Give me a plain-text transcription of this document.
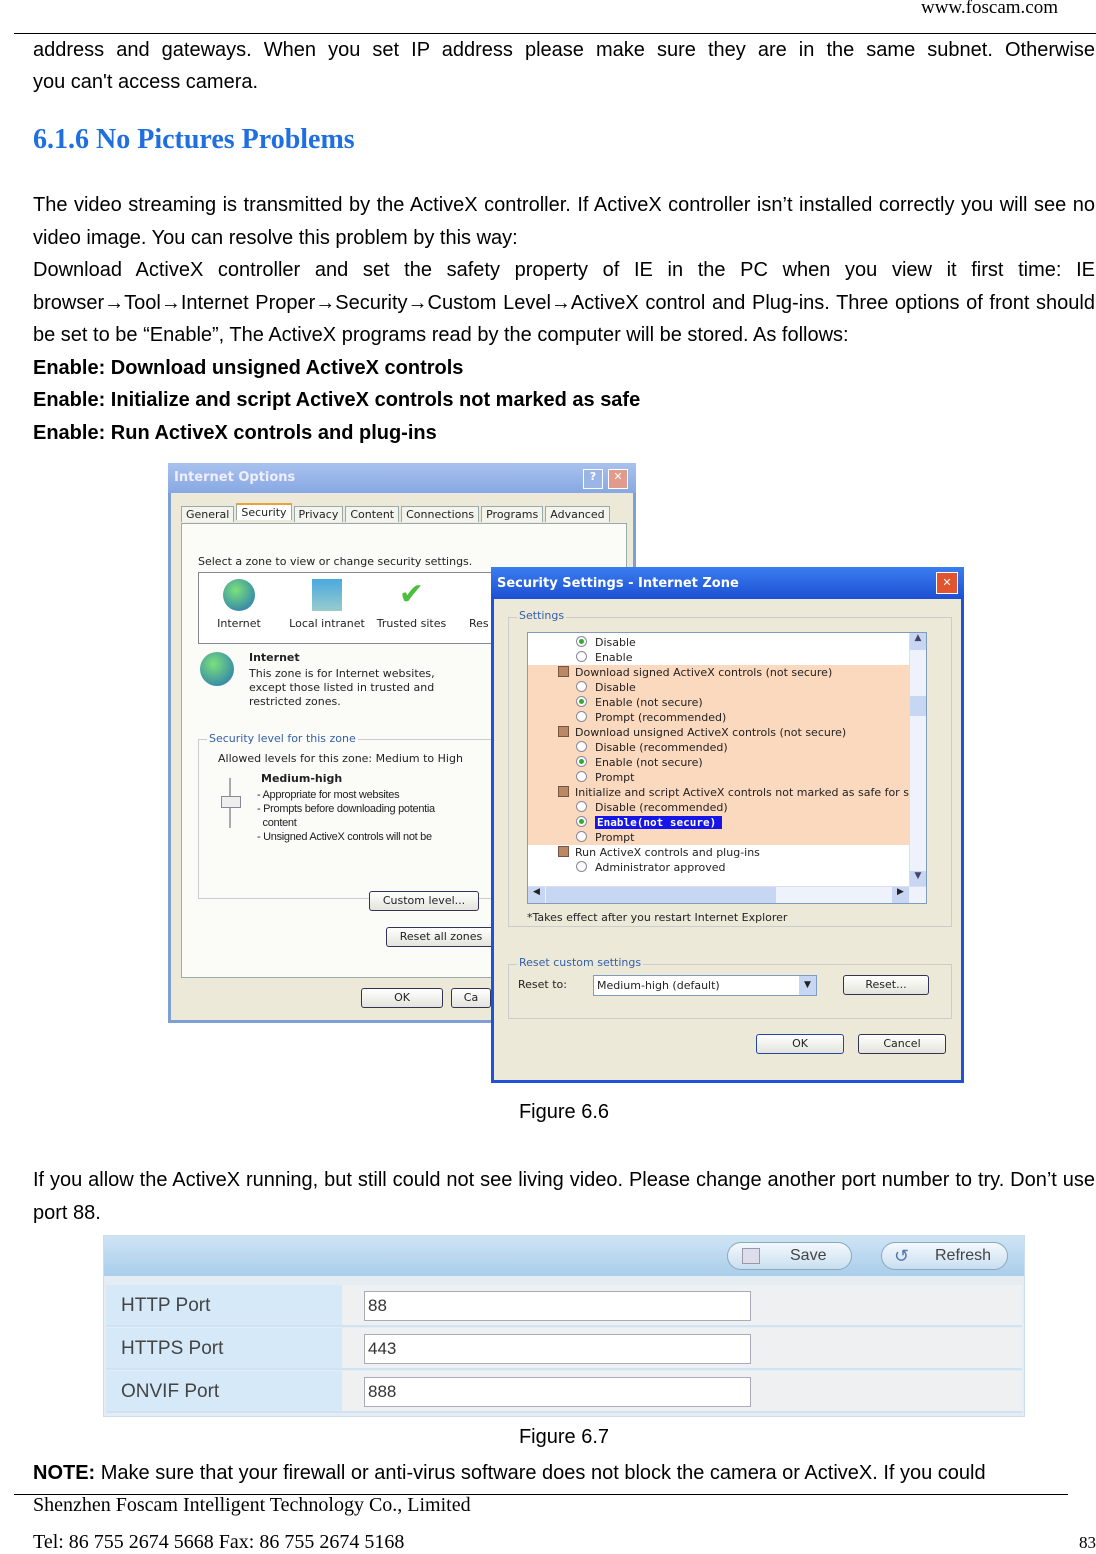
www.foscam.com
address and gateways. When you set IP address please make sure they are in the same subnet. Otherwise
you can't access camera.
6.1.6 No Pictures Problems
The video streaming is transmitted by the ActiveX controller. If ActiveX controller isn’t installed correctly you will see no video image. You can resolve this problem by this way:
Download ActiveX controller and set the safety property of IE in the PC when you view it first time: IE browser→Tool→Internet Proper→Security→Custom Level→ActiveX control and Plug-ins. Three options of front should be set to be “Enable”, The ActiveX programs read by the computer will be stored. As follows:
Enable: Download unsigned ActiveX controls
Enable: Initialize and script ActiveX controls not marked as safe
Enable: Run ActiveX controls and plug-ins
Internet Options	?	✕
General Security Privacy Content Connections Programs Advanced
Select a zone to view or change security settings.
Internet	Local intranet
✔
Trusted sites Res
Internet
This zone is for Internet websites,
except those listed in trusted and
restricted zones.
Security level for this zone
Allowed levels for this zone: Medium to High
Medium-high
- Appropriate for most websites
- Prompts before downloading potentia
content
- Unsigned ActiveX controls will not be
Custom level...
Reset all zones
OK	Ca
Security Settings - Internet Zone	✕
Settings
Disable
Enable
Download signed ActiveX controls (not secure)
Disable
Enable (not secure)
Prompt (recommended)
Download unsigned ActiveX controls (not secure)
Disable (recommended)
Enable (not secure)
Prompt
Initialize and script ActiveX controls not marked as safe for s
Disable (recommended)
Enable(not secure)
Prompt
Run ActiveX controls and plug-ins
Administrator approved
▲
▼
◀	▶
*Takes effect after you restart Internet Explorer
Reset custom settings
Reset to:	Medium-high (default)	▼	Reset...
OK	Cancel
Figure 6.6
If you allow the ActiveX running, but still could not see living video. Please change another port number to try. Don’t use port 88.
Save	↺ Refresh
HTTP Port	88
HTTPS Port	443
ONVIF Port	888
Figure 6.7
NOTE: Make sure that your firewall or anti-virus software does not block the camera or ActiveX. If you could
Shenzhen Foscam Intelligent Technology Co., Limited
Tel: 86 755 2674 5668 Fax: 86 755 2674 5168	83
